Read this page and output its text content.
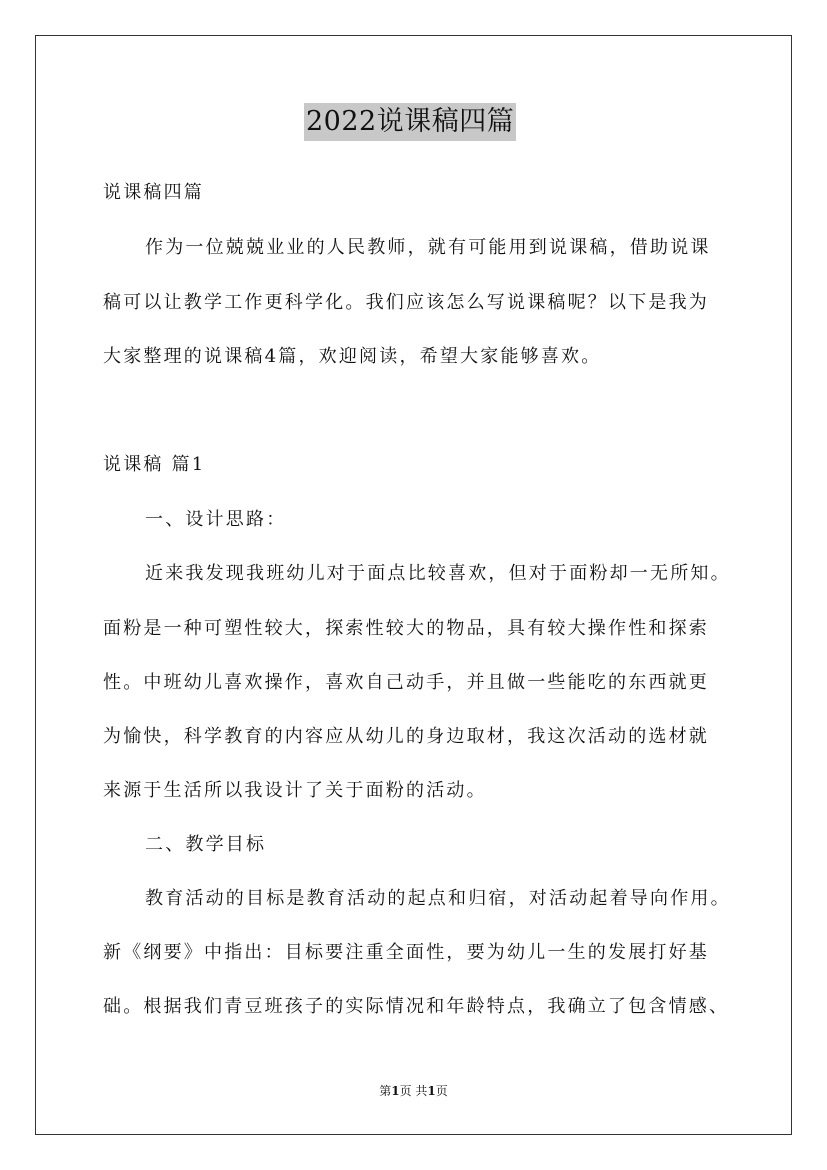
2022说课稿四篇
说课稿四篇
作为一位兢兢业业的人民教师，就有可能用到说课稿，借助说课
稿可以让教学工作更科学化。我们应该怎么写说课稿呢？以下是我为
大家整理的说课稿4篇，欢迎阅读，希望大家能够喜欢。
说课稿 篇1
一、设计思路：
近来我发现我班幼儿对于面点比较喜欢，但对于面粉却一无所知。
面粉是一种可塑性较大，探索性较大的物品，具有较大操作性和探索
性。中班幼儿喜欢操作，喜欢自己动手，并且做一些能吃的东西就更
为愉快，科学教育的内容应从幼儿的身边取材，我这次活动的选材就
来源于生活所以我设计了关于面粉的活动。
二、教学目标
教育活动的目标是教育活动的起点和归宿，对活动起着导向作用。
新《纲要》中指出：目标要注重全面性，要为幼儿一生的发展打好基
础。根据我们青豆班孩子的实际情况和年龄特点，我确立了包含情感、
第1页 共1页
